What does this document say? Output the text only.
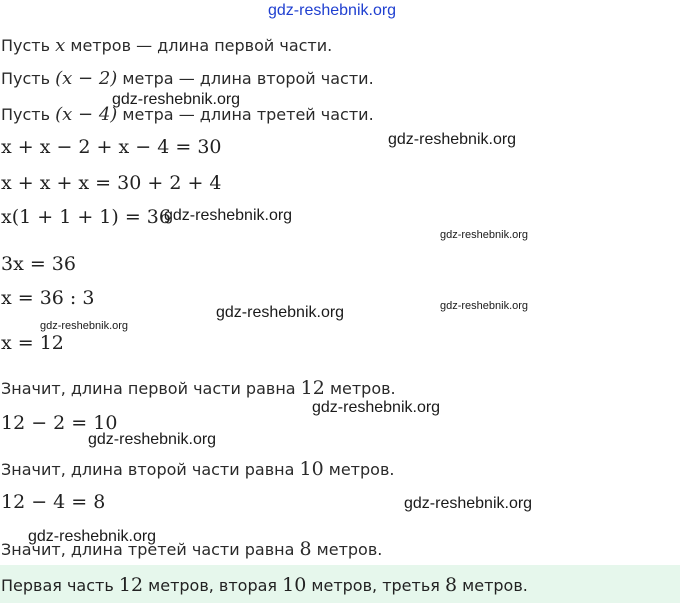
gdz-reshebnik.org
Пусть x метров — длина первой части.
Пусть (x − 2) метра — длина второй части.
Пусть (x − 4) метра — длина третей части.
x + x − 2 + x − 4 = 30
x + x + x = 30 + 2 + 4
x(1 + 1 + 1) = 36
3x = 36
x = 36 : 3
x = 12
Значит, длина первой части равна 12 метров.
12 − 2 = 10
Значит, длина второй части равна 10 метров.
12 − 4 = 8
Значит, длина третей части равна 8 метров.
Первая часть 12 метров, вторая 10 метров, третья 8 метров.
gdz-reshebnik.org
gdz-reshebnik.org
gdz-reshebnik.org
gdz-reshebnik.org
gdz-reshebnik.org	gdz-reshebnik.org
gdz-reshebnik.org
gdz-reshebnik.org
gdz-reshebnik.org
gdz-reshebnik.org
gdz-reshebnik.org
